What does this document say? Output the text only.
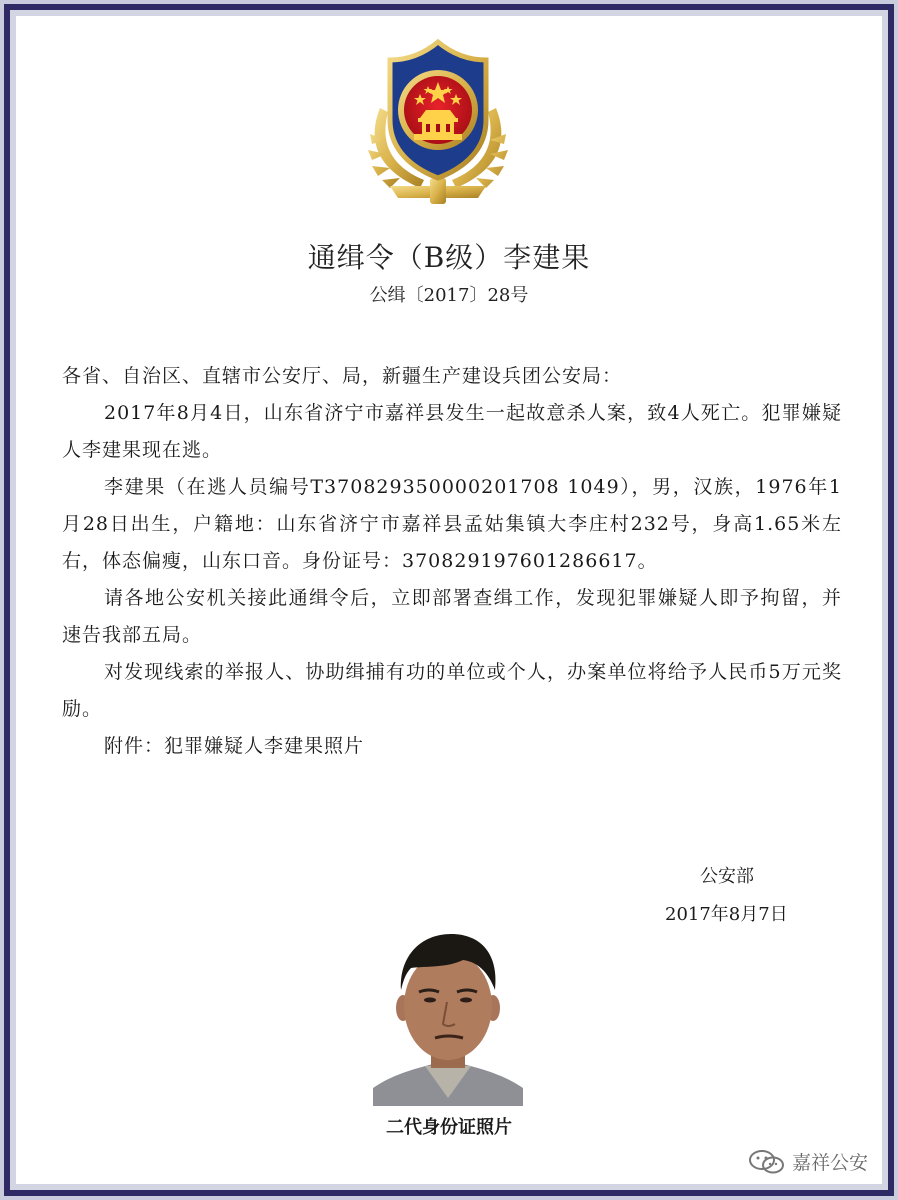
通缉令（B级）李建果
公缉〔2017〕28号

各省、自治区、直辖市公安厅、局，新疆生产建设兵团公安局：

2017年8月4日，山东省济宁市嘉祥县发生一起故意杀人案，致4人死亡。犯罪嫌疑人李建果现在逃。

李建果（在逃人员编号T370829350000201708 1049），男，汉族，1976年1月28日出生，户籍地：山东省济宁市嘉祥县孟姑集镇大李庄村232号，身高1.65米左右，体态偏瘦，山东口音。身份证号：370829197601286617。

请各地公安机关接此通缉令后，立即部署查缉工作，发现犯罪嫌疑人即予拘留，并速告我部五局。

对发现线索的举报人、协助缉捕有功的单位或个人，办案单位将给予人民币5万元奖励。

附件：犯罪嫌疑人李建果照片

公安部
2017年8月7日
二代身份证照片
嘉祥公安
